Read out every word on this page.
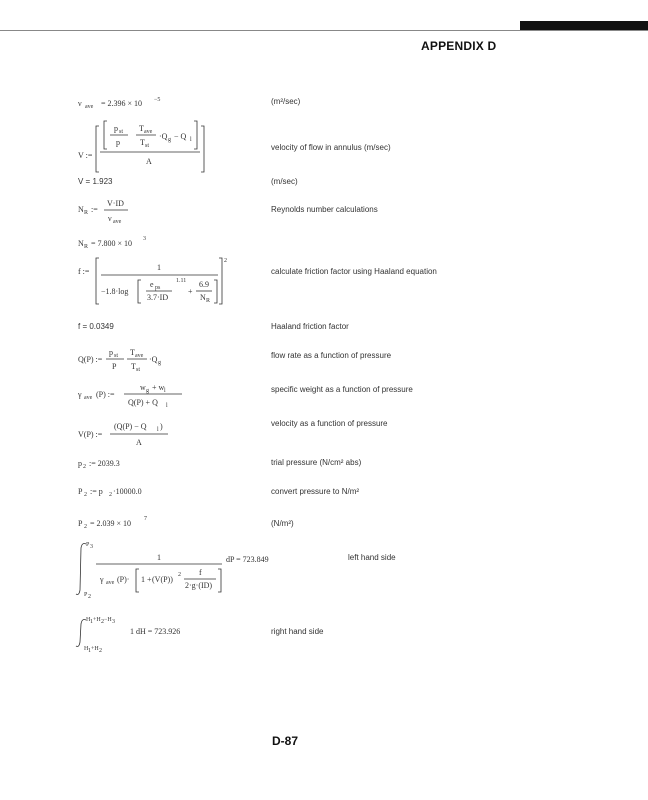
APPENDIX D
ν ave = 2.396 × 10 −5
V :=
p st
p
T ave
T st
·Q g − Q l
A
N R :=
V·ID
ν ave
N R = 7.800 × 10 3
f :=
2
1
−1.8·log
e ps
3.7·ID
1.11
+
6.9
N R
Q(P) :=
p st
P
T ave
T st
·Q g
γ ave (P) :=
w g + w l
Q(P) + Q l
V(P) :=
(Q(P) − Q l )
A
p 2 := 2039.3
P 2 := p 2 ·10000.0
P 2 = 2.039 × 10 7
P 3
P 2
1
γ ave (P)· 1 + (V(P)) 2 f
2·g·(ID)
dP = 723.849
H 1 +H 2 −H 3
H 1 +H 2
1 dH = 723.926
V = 1.923
f = 0.0349
(m²/sec)
velocity of flow in annulus (m/sec)
(m/sec)
Reynolds number calculations
calculate friction factor using Haaland equation
Haaland friction factor
flow rate as a function of pressure
specific weight as a function of pressure
velocity as a function of pressure
trial pressure (N/cm² abs)
convert pressure to N/m²
(N/m²)
left hand side
right hand side
D-87
